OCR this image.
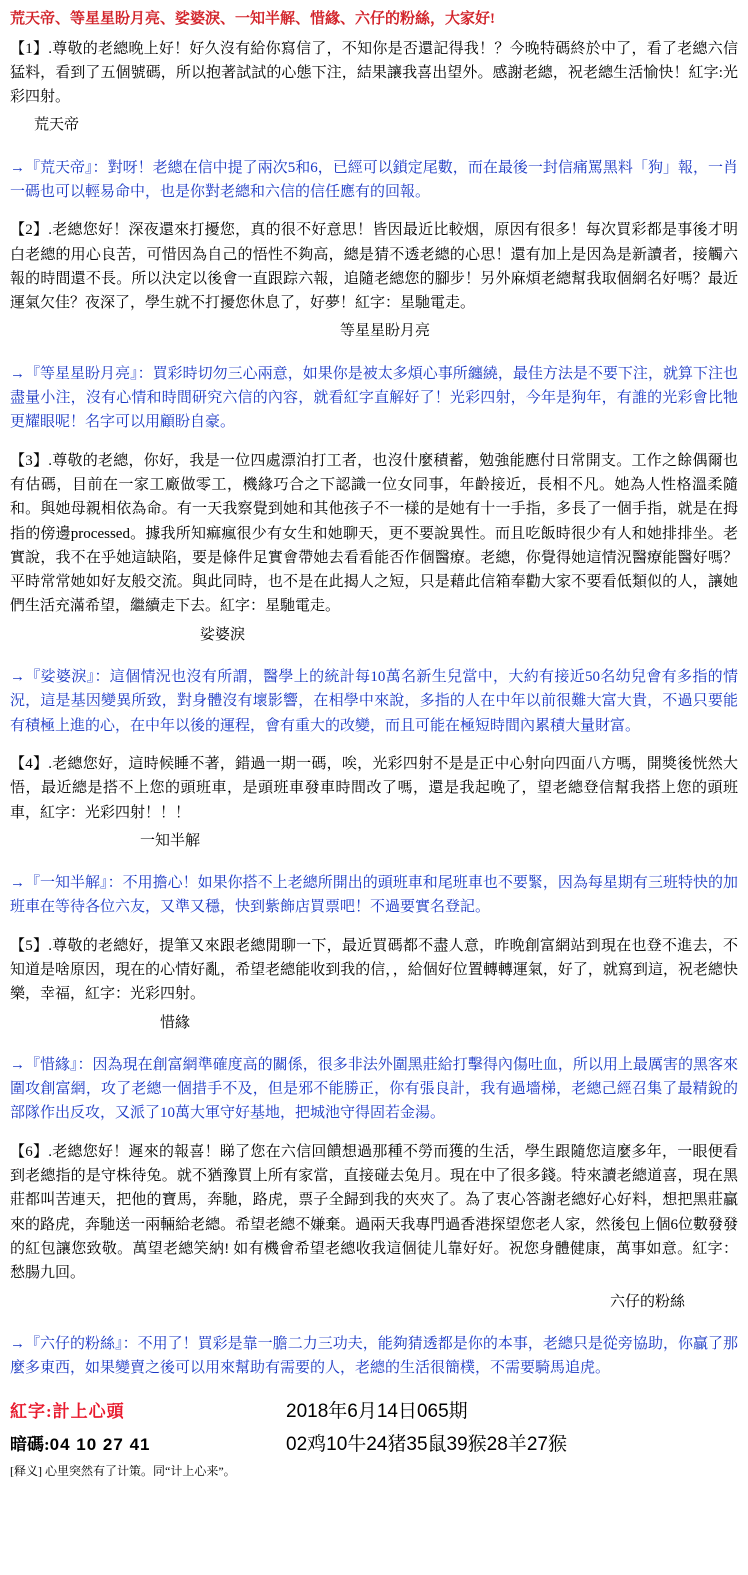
荒天帝、等星星盼月亮、娑婆淚、一知半解、惜緣、六仔的粉絲，大家好!

【1】.尊敬的老總晚上好！好久沒有給你寫信了，不知你是否還記得我！？今晚特碼終於中了，看了老總六信猛料，看到了五個號碼，所以抱著試試的心態下注，結果讓我喜出望外。感謝老總，祝老總生活愉快！紅字:光彩四射。

荒天帝

→『荒天帝』：對呀！老總在信中提了兩次5和6，已經可以鎖定尾數，而在最後一封信痛罵黑料「狗」報，一肖一碼也可以輕易命中，也是你對老總和六信的信任應有的回報。

【2】.老總您好！深夜還來打擾您，真的很不好意思！皆因最近比較烟，原因有很多！每次買彩都是事後才明白老總的用心良苦，可惜因為自己的悟性不夠高，總是猜不透老總的心思！還有加上是因為是新讀者，接觸六報的時間還不長。所以決定以後會一直跟踪六報，追隨老總您的腳步！另外麻煩老總幫我取個網名好嗎？最近運氣欠佳？夜深了，學生就不打擾您休息了，好夢！紅字：星馳電走。

等星星盼月亮

→『等星星盼月亮』：買彩時切勿三心兩意，如果你是被太多煩心事所纏繞，最佳方法是不要下注，就算下注也盡量小注，沒有心情和時間研究六信的內容，就看紅字直解好了！光彩四射，今年是狗年，有誰的光彩會比牠更耀眼呢！名字可以用顧盼自豪。

【3】.尊敬的老總，你好，我是一位四處漂泊打工者，也沒什麼積蓄，勉強能應付日常開支。工作之餘偶爾也有估碼，目前在一家工廠做零工，機緣巧合之下認識一位女同事，年齡接近，長相不凡。她為人性格溫柔隨和。與她母親相依為命。有一天我察覺到她和其他孩子不一樣的是她有十一手指，多長了一個手指，就是在拇指的傍邊processed。據我所知痲瘋很少有女生和她聊天，更不要說異性。而且吃飯時很少有人和她排排坐。老實說，我不在乎她這缺陷，要是條件足實會帶她去看看能否作個醫療。老總，你覺得她這情況醫療能醫好嗎？平時常常她如好友般交流。與此同時，也不是在此揭人之短，只是藉此信箱奉勸大家不要看低類似的人，讓她們生活充滿希望，繼續走下去。紅字：星馳電走。

娑婆淚

→『娑婆淚』：這個情況也沒有所謂，醫學上的統計每10萬名新生兒當中，大約有接近50名幼兒會有多指的情況，這是基因變異所致，對身體沒有壞影響，在相學中來說，多指的人在中年以前很難大富大貴，不過只要能有積極上進的心，在中年以後的運程，會有重大的改變，而且可能在極短時間內累積大量財富。

【4】.老總您好，這時候睡不著，錯過一期一碼，唉，光彩四射不是是正中心射向四面八方嗎，開獎後恍然大悟，最近總是搭不上您的頭班車，是頭班車發車時間改了嗎，還是我起晚了，望老總登信幫我搭上您的頭班車，紅字：光彩四射！！！

一知半解

→『一知半解』：不用擔心！如果你搭不上老總所開出的頭班車和尾班車也不要緊，因為每星期有三班特快的加班車在等待各位六友，又準又穩，快到紫飾店買票吧！不過要實名登記。

【5】.尊敬的老總好，提筆又來跟老總閒聊一下，最近買碼都不盡人意，昨晚創富網站到現在也登不進去，不知道是啥原因，現在的心情好亂，希望老總能收到我的信，，給個好位置轉轉運氣，好了，就寫到這，祝老總快樂，幸福，紅字：光彩四射。

惜緣

→『惜緣』：因為現在創富網準確度高的關係，很多非法外圍黑莊給打擊得內傷吐血，所以用上最厲害的黑客來圍攻創富網，攻了老總一個措手不及，但是邪不能勝正，你有張良計，我有過墻梯，老總己經召集了最精銳的部隊作出反攻，又派了10萬大軍守好基地，把城池守得固若金湯。

【6】.老總您好！遲來的報喜！睇了您在六信回饋想過那種不勞而獲的生活，學生跟隨您這麼多年，一眼便看到老總指的是守株待兔。就不猶豫買上所有家當，直接碰去兔月。現在中了很多錢。特來讀老總道喜，現在黑莊都叫苦連天，把他的寶馬，奔馳，路虎，票子全歸到我的夾夾了。為了衷心答謝老總好心好料，想把黑莊贏來的路虎，奔馳送一兩輛給老總。希望老總不嫌棄。過兩天我專門過香港探望您老人家，然後包上個6位數發發的紅包讓您致敬。萬望老總笑納! 如有機會希望老總收我這個徒儿靠好好。祝您身體健康，萬事如意。紅字：愁腸九回。

六仔的粉絲

→『六仔的粉絲』：不用了！買彩是靠一膽二力三功夫，能夠猜透都是你的本事，老總只是從旁協助，你贏了那麼多東西，如果變賣之後可以用來幫助有需要的人，老總的生活很簡樸，不需要騎馬追虎。

紅字:計上心頭	2018年6月14日065期
暗碼:04 10 27 41	02鸡10牛24猪35鼠39猴28羊27猴
[释义] 心里突然有了计策。同“计上心来”。
